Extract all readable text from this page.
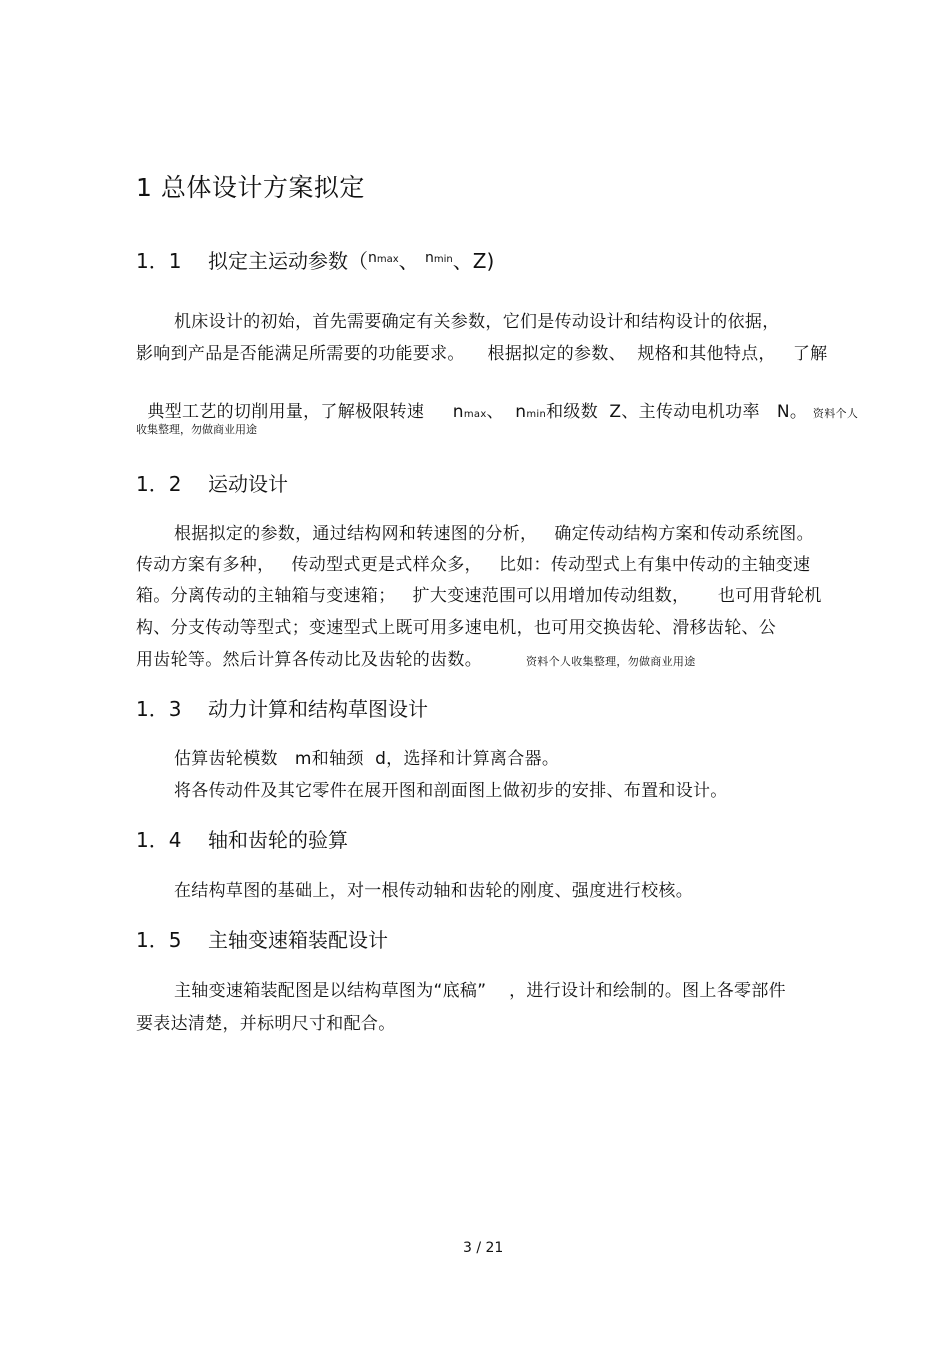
1 总体设计方案拟定
1．1 拟定主运动参数（$^{nmax}$、 $^{nmin}$、Z)
机床设计的初始，首先需要确定有关参数，它们是传动设计和结构设计的依据，
影响到产品是否能满足所需要的功能要求。    根据拟定的参数、  规格和其他特点，   了解

典型工艺的切削用量，了解极限转速 nmax、 nmin和级数  Z、主传动电机功率   N。 资料个人

收集整理，勿做商业用途
1．2 运动设计
根据拟定的参数，通过结构网和转速图的分析，   确定传动结构方案和传动系统图。
传动方案有多种，   传动型式更是式样众多，   比如：传动型式上有集中传动的主轴变速
箱。分离传动的主轴箱与变速箱；   扩大变速范围可以用增加传动组数，     也可用背轮机
构、分支传动等型式；变速型式上既可用多速电机，也可用交换齿轮、滑移齿轮、公
用齿轮等。然后计算各传动比及齿轮的齿数。	资料个人收集整理，勿做商业用途
1．3 动力计算和结构草图设计
估算齿轮模数   m和轴颈  d，选择和计算离合器。
将各传动件及其它零件在展开图和剖面图上做初步的安排、布置和设计。
1．4 轴和齿轮的验算
在结构草图的基础上，对一根传动轴和齿轮的刚度、强度进行校核。
1．5 主轴变速箱装配设计
主轴变速箱装配图是以结构草图为“底稿”    ，进行设计和绘制的。图上各零部件
要表达清楚，并标明尺寸和配合。
3 / 21
